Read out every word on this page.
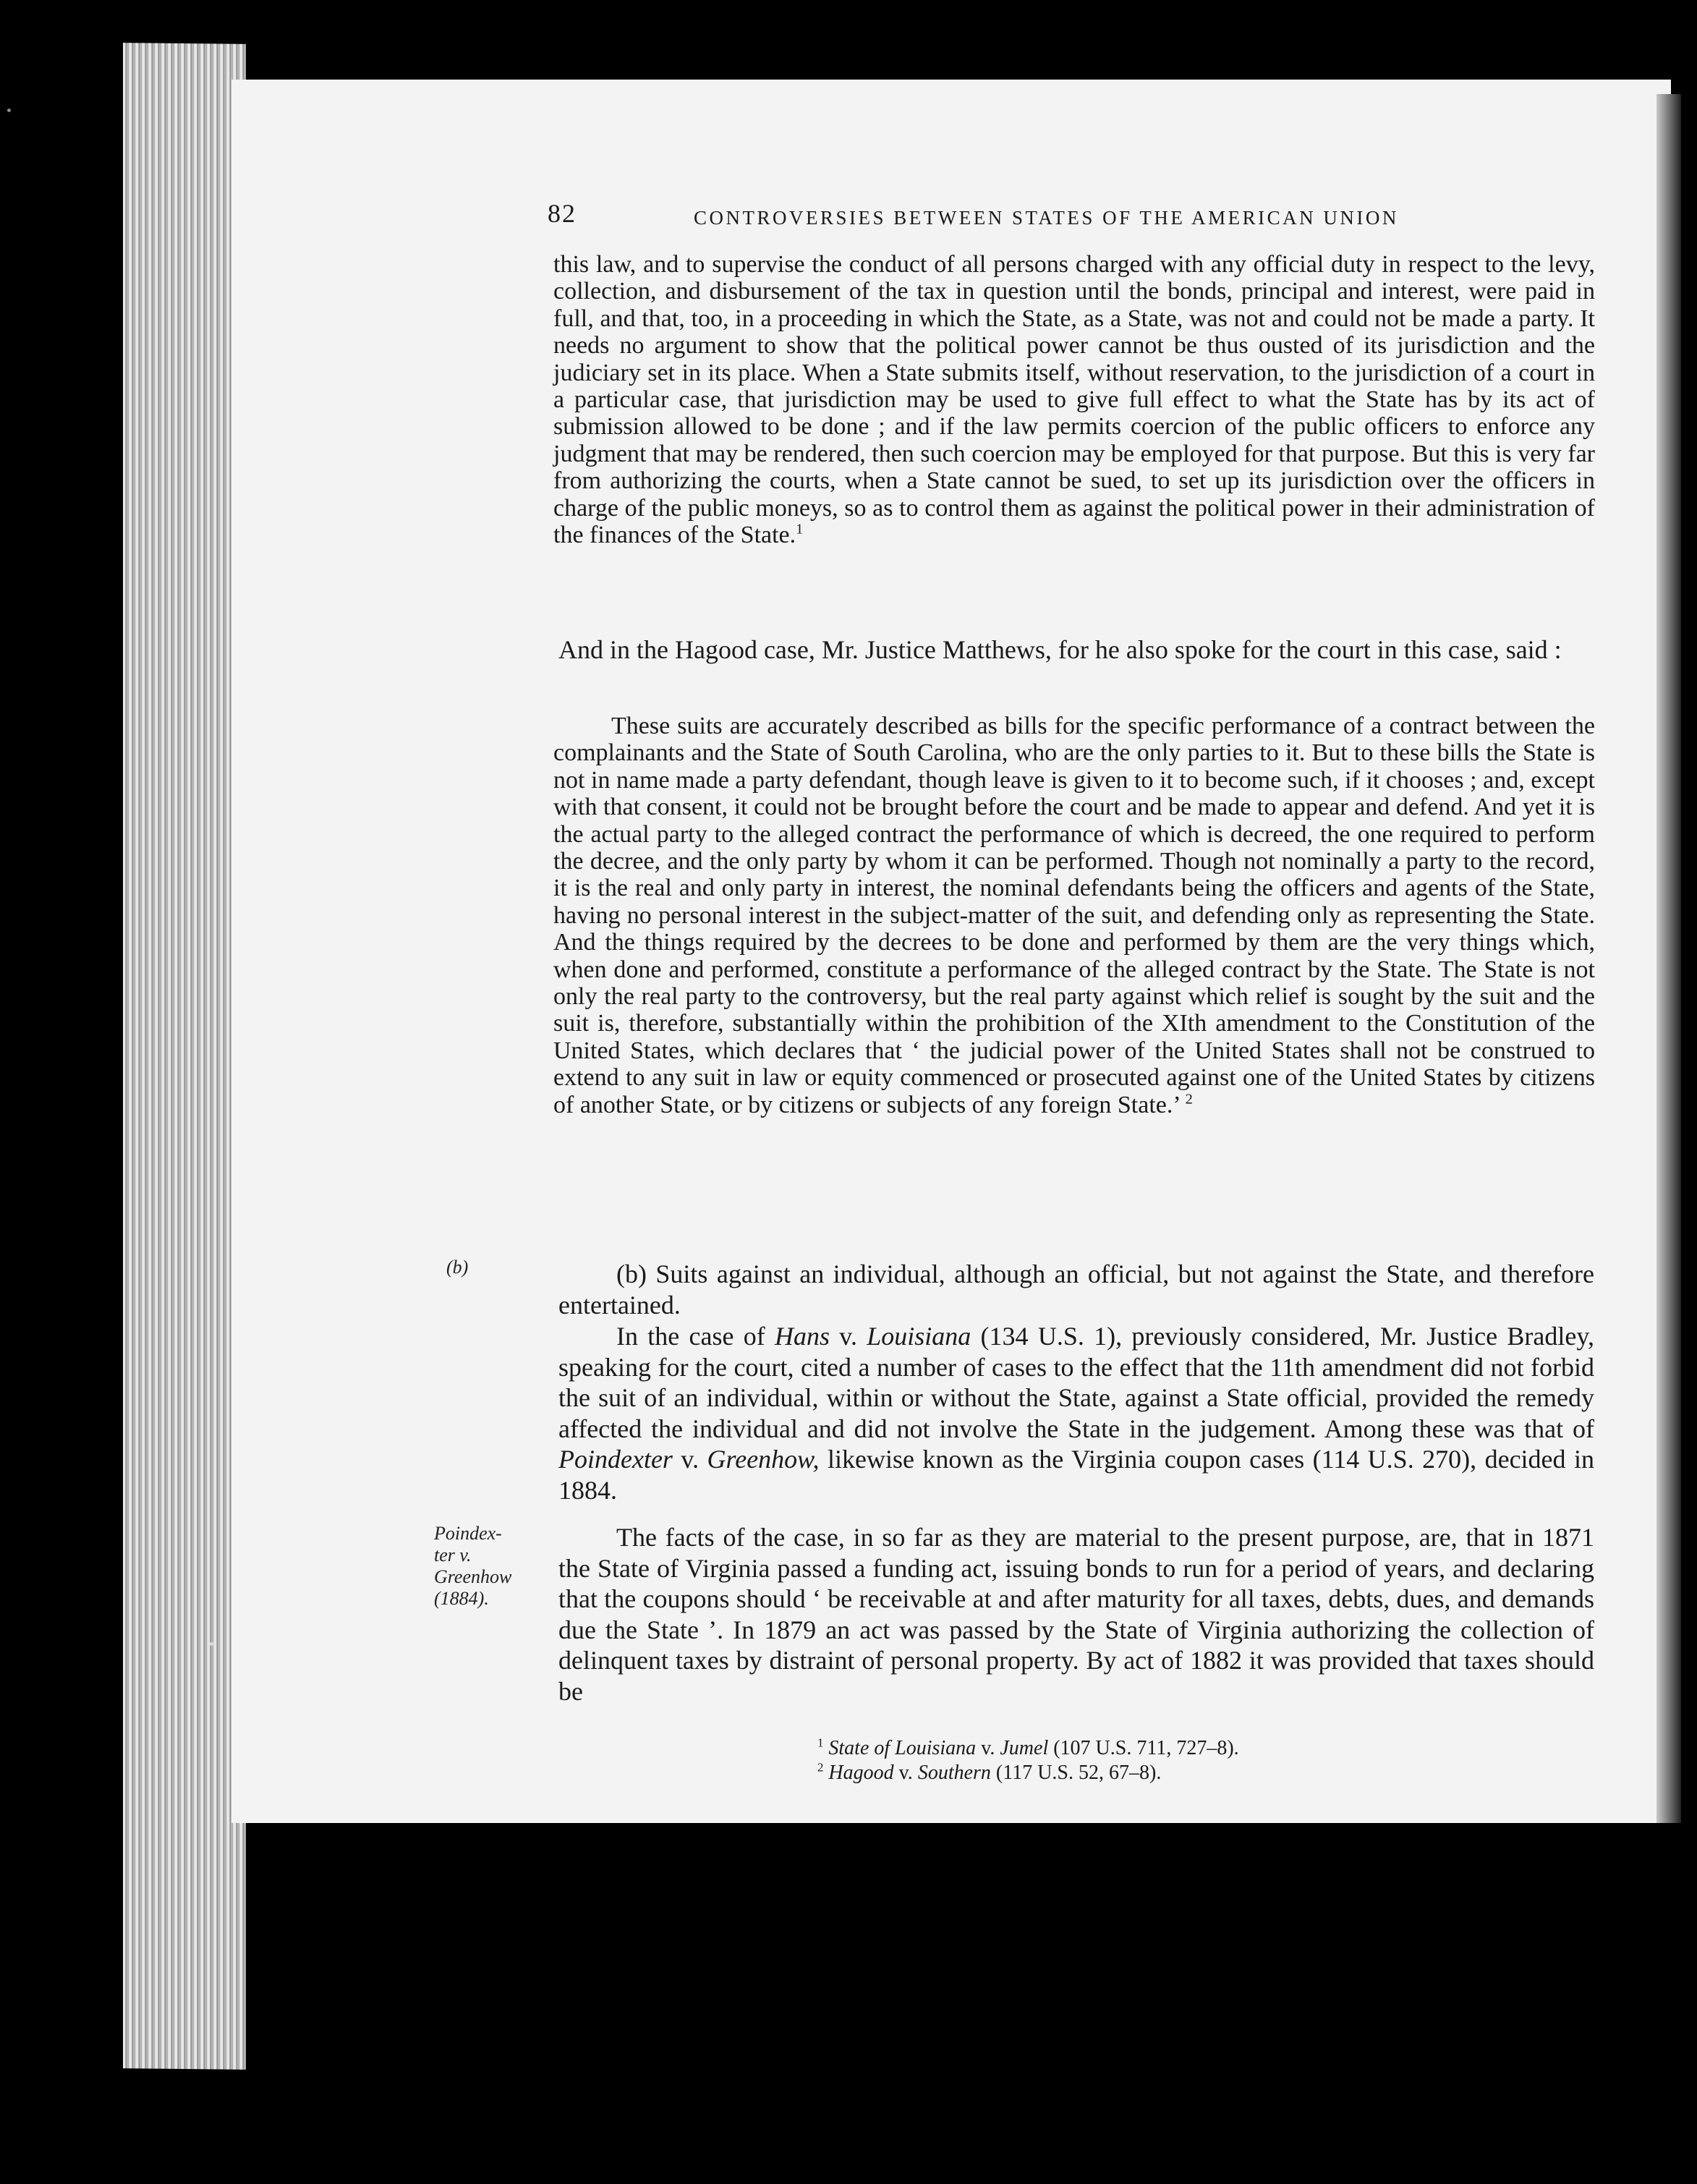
82	CONTROVERSIES BETWEEN STATES OF THE AMERICAN UNION
this law, and to supervise the conduct of all persons charged with any official duty in respect to the levy, collection, and disbursement of the tax in question until the bonds, principal and interest, were paid in full, and that, too, in a proceeding in which the State, as a State, was not and could not be made a party. It needs no argument to show that the political power cannot be thus ousted of its jurisdiction and the judiciary set in its place. When a State submits itself, without reservation, to the jurisdiction of a court in a particular case, that jurisdiction may be used to give full effect to what the State has by its act of submission allowed to be done ; and if the law permits coercion of the public officers to enforce any judgment that may be rendered, then such coercion may be employed for that purpose. But this is very far from authorizing the courts, when a State cannot be sued, to set up its jurisdiction over the officers in charge of the public moneys, so as to control them as against the political power in their administration of the finances of the State.$^1$
And in the Hagood case, Mr. Justice Matthews, for he also spoke for the court in this case, said :
These suits are accurately described as bills for the specific performance of a contract between the complainants and the State of South Carolina, who are the only parties to it. But to these bills the State is not in name made a party defendant, though leave is given to it to become such, if it chooses ; and, except with that consent, it could not be brought before the court and be made to appear and defend. And yet it is the actual party to the alleged contract the performance of which is decreed, the one required to perform the decree, and the only party by whom it can be performed. Though not nominally a party to the record, it is the real and only party in interest, the nominal defendants being the officers and agents of the State, having no personal interest in the subject-matter of the suit, and defending only as representing the State. And the things required by the decrees to be done and performed by them are the very things which, when done and performed, constitute a performance of the alleged contract by the State. The State is not only the real party to the controversy, but the real party against which relief is sought by the suit and the suit is, therefore, substantially within the prohibition of the XIth amendment to the Constitution of the United States, which declares that ‘ the judicial power of the United States shall not be construed to extend to any suit in law or equity commenced or prosecuted against one of the United States by citizens of another State, or by citizens or subjects of any foreign State.’ $^2$
(b)	(b) Suits against an individual, although an official, but not against the State, and therefore entertained.
In the case of Hans v. Louisiana (134 U.S. 1), previously considered, Mr. Justice Bradley, speaking for the court, cited a number of cases to the effect that the 11th amendment did not forbid the suit of an individual, within or without the State, against a State official, provided the remedy affected the individual and did not involve the State in the judgement. Among these was that of Poindexter v. Greenhow, likewise known as the Virginia coupon cases (114 U.S. 270), decided in 1884.
Poindex-
ter v.
Greenhow
(1884).
The facts of the case, in so far as they are material to the present purpose, are, that in 1871 the State of Virginia passed a funding act, issuing bonds to run for a period of years, and declaring that the coupons should ‘ be receivable at and after maturity for all taxes, debts, dues, and demands due the State ’. In 1879 an act was passed by the State of Virginia authorizing the collection of delinquent taxes by distraint of personal property. By act of 1882 it was provided that taxes should be
$^1$ State of Louisiana v. Jumel (107 U.S. 711, 727–8).
$^2$ Hagood v. Southern (117 U.S. 52, 67–8).
